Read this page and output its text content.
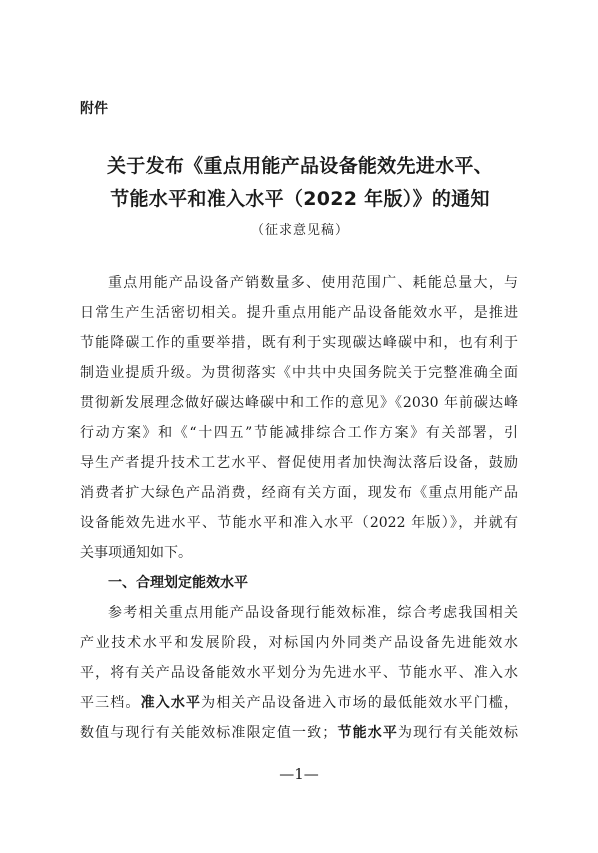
附件
关于发布《重点用能产品设备能效先进水平、
节能水平和准入水平（2022 年版）》的通知
（征求意见稿）
重点用能产品设备产销数量多、使用范围广、耗能总量大，与
日常生产生活密切相关。提升重点用能产品设备能效水平，是推进
节能降碳工作的重要举措，既有利于实现碳达峰碳中和，也有利于
制造业提质升级。为贯彻落实《中共中央国务院关于完整准确全面
贯彻新发展理念做好碳达峰碳中和工作的意见》《2030 年前碳达峰
行动方案》和《“十四五”节能减排综合工作方案》有关部署，引
导生产者提升技术工艺水平、督促使用者加快淘汰落后设备，鼓励
消费者扩大绿色产品消费，经商有关方面，现发布《重点用能产品
设备能效先进水平、节能水平和准入水平（2022 年版）》，并就有
关事项通知如下。
一、合理划定能效水平
参考相关重点用能产品设备现行能效标准，综合考虑我国相关
产业技术水平和发展阶段，对标国内外同类产品设备先进能效水
平，将有关产品设备能效水平划分为先进水平、节能水平、准入水
平三档。准入水平为相关产品设备进入市场的最低能效水平门槛，
数值与现行有关能效标准限定值一致；节能水平为现行有关能效标
—1—
